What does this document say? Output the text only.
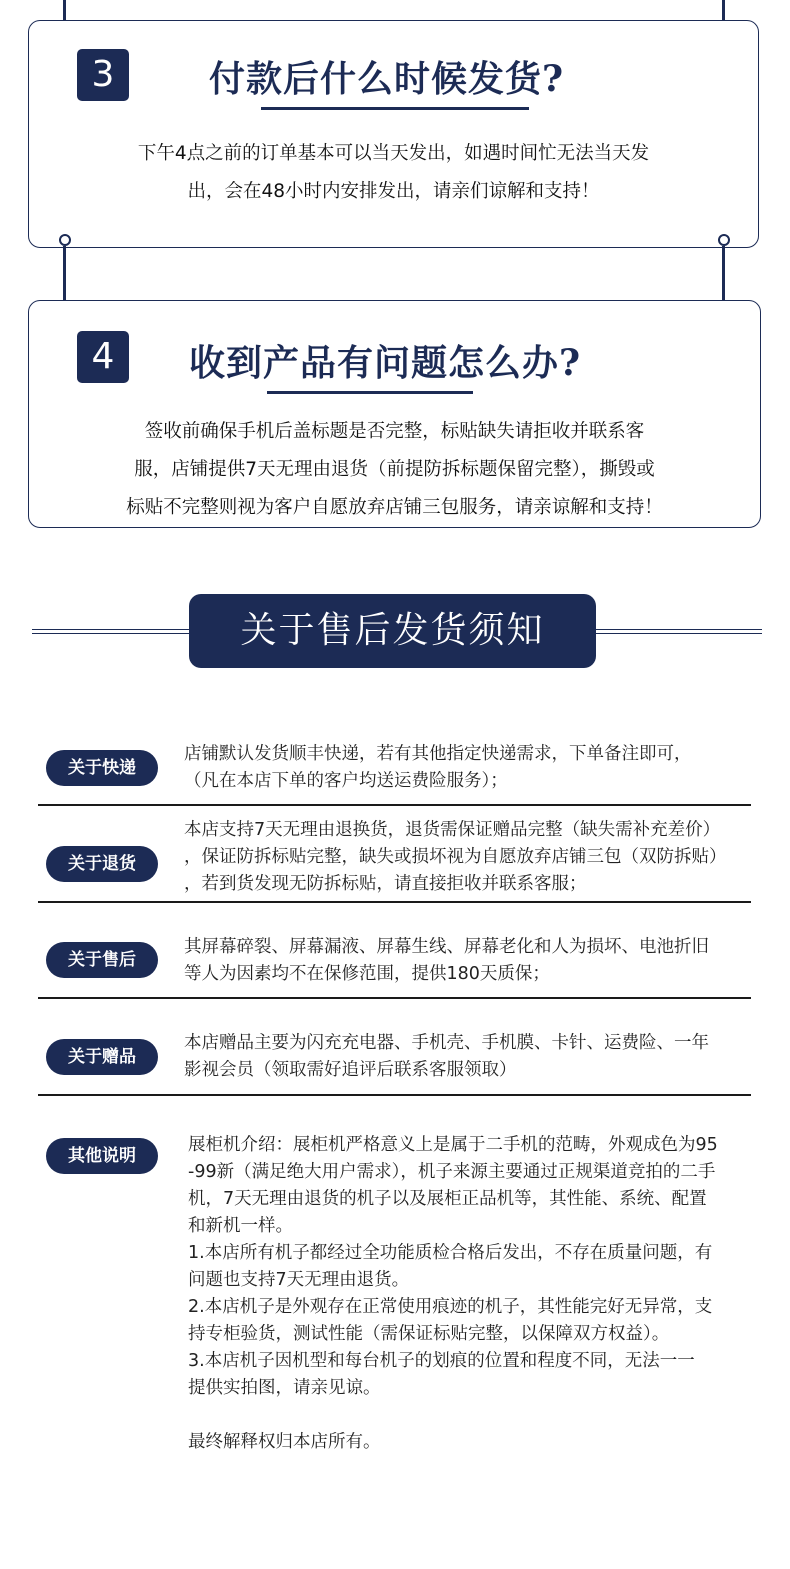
3	付款后什么时候发货?
下午4点之前的订单基本可以当天发出，如遇时间忙无法当天发
出，会在48小时内安排发出，请亲们谅解和支持！
4	收到产品有问题怎么办?
签收前确保手机后盖标题是否完整，标贴缺失请拒收并联系客
服，店铺提供7天无理由退货（前提防拆标题保留完整），撕毁或
标贴不完整则视为客户自愿放弃店铺三包服务，请亲谅解和支持！
关于售后发货须知
关于快递
店铺默认发货顺丰快递，若有其他指定快递需求，下单备注即可，
（凡在本店下单的客户均送运费险服务）；
关于退货
本店支持7天无理由退换货，退货需保证赠品完整（缺失需补充差价）
，保证防拆标贴完整，缺失或损坏视为自愿放弃店铺三包（双防拆贴）
，若到货发现无防拆标贴，请直接拒收并联系客服；
关于售后
其屏幕碎裂、屏幕漏液、屏幕生线、屏幕老化和人为损坏、电池折旧
等人为因素均不在保修范围，提供180天质保；
关于赠品
本店赠品主要为闪充充电器、手机壳、手机膜、卡针、运费险、一年
影视会员（领取需好追评后联系客服领取）
其他说明
展柜机介绍：展柜机严格意义上是属于二手机的范畴，外观成色为95
-99新（满足绝大用户需求），机子来源主要通过正规渠道竞拍的二手
机，7天无理由退货的机子以及展柜正品机等，其性能、系统、配置
和新机一样。
1.本店所有机子都经过全功能质检合格后发出，不存在质量问题，有
问题也支持7天无理由退货。
2.本店机子是外观存在正常使用痕迹的机子，其性能完好无异常，支
持专柜验货，测试性能（需保证标贴完整，以保障双方权益）。
3.本店机子因机型和每台机子的划痕的位置和程度不同，无法一一
提供实拍图，请亲见谅。
最终解释权归本店所有。
